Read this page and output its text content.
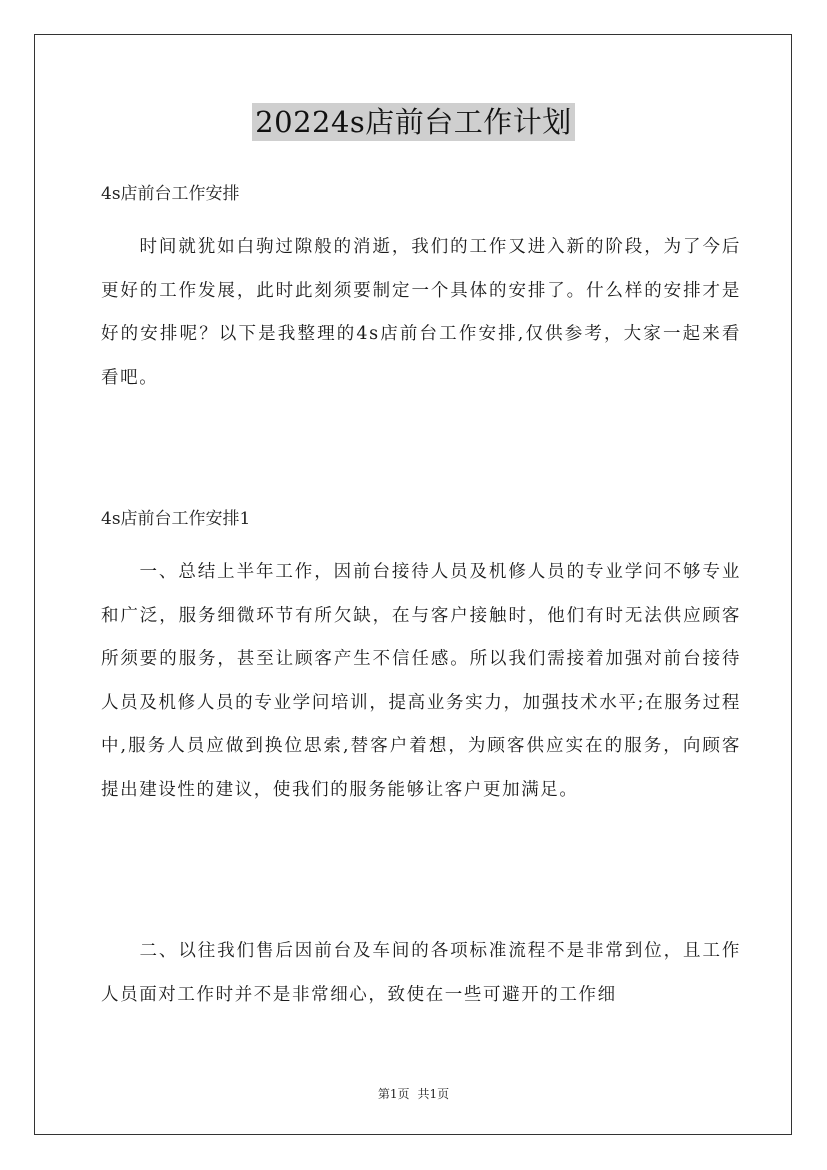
20224s店前台工作计划
4s店前台工作安排
时间就犹如白驹过隙般的消逝，我们的工作又进入新的阶段，为了今后更好的工作发展，此时此刻须要制定一个具体的安排了。什么样的安排才是好的安排呢？以下是我整理的4s店前台工作安排,仅供参考，大家一起来看看吧。
4s店前台工作安排1
一、总结上半年工作，因前台接待人员及机修人员的专业学问不够专业和广泛，服务细微环节有所欠缺，在与客户接触时，他们有时无法供应顾客所须要的服务，甚至让顾客产生不信任感。所以我们需接着加强对前台接待人员及机修人员的专业学问培训，提高业务实力，加强技术水平;在服务过程中,服务人员应做到换位思索,替客户着想，为顾客供应实在的服务，向顾客提出建设性的建议，使我们的服务能够让客户更加满足。
二、以往我们售后因前台及车间的各项标准流程不是非常到位，且工作人员面对工作时并不是非常细心，致使在一些可避开的工作细
第1页 共1页
